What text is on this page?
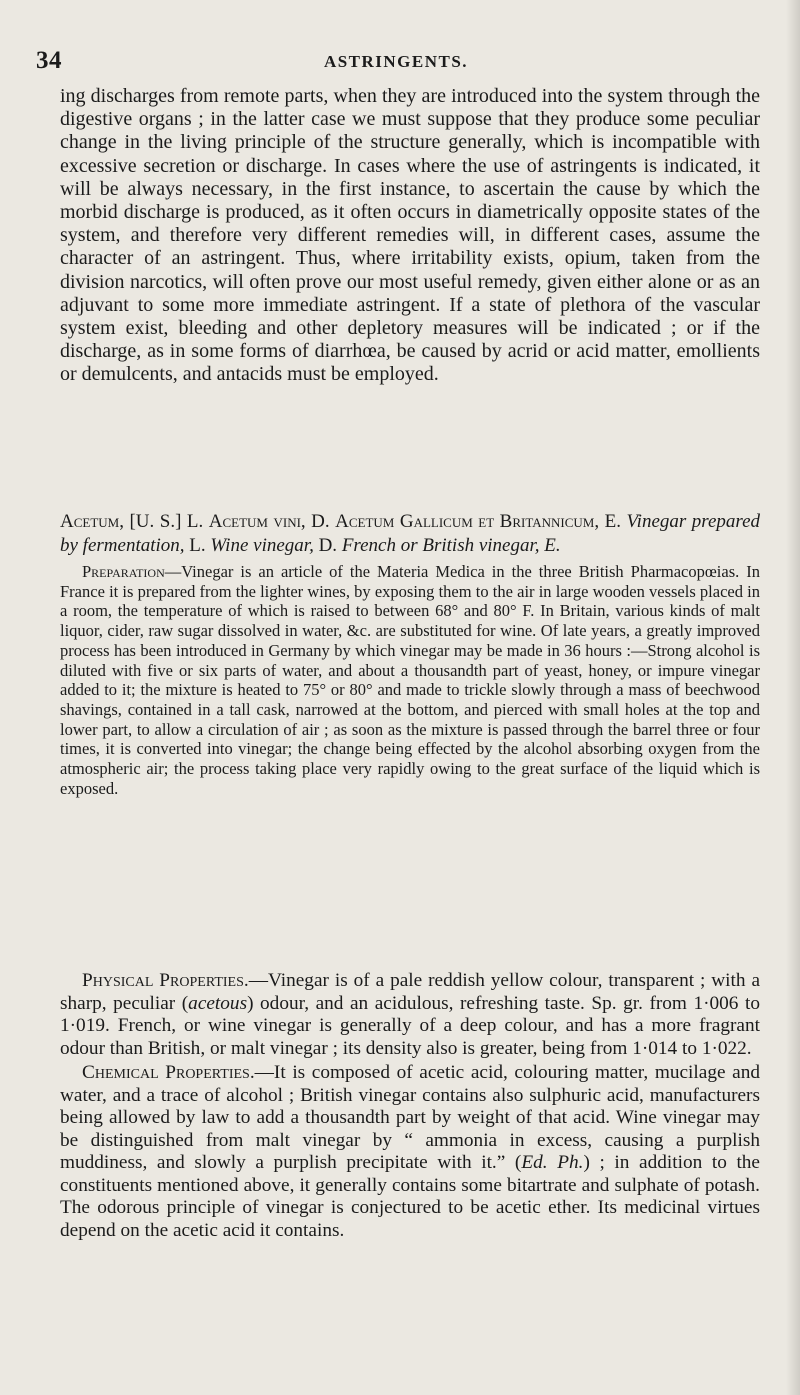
34	ASTRINGENTS.

ing discharges from remote parts, when they are introduced into the system through the digestive organs ; in the latter case we must suppose that they produce some peculiar change in the living principle of the structure generally, which is incompatible with excessive secretion or discharge. In cases where the use of astringents is indicated, it will be always necessary, in the first instance, to ascertain the cause by which the morbid discharge is produced, as it often occurs in diametrically opposite states of the system, and therefore very different remedies will, in different cases, assume the character of an astringent. Thus, where irritability exists, opium, taken from the division narcotics, will often prove our most useful remedy, given either alone or as an adjuvant to some more immediate astringent. If a state of plethora of the vascular system exist, bleeding and other depletory measures will be indicated ; or if the discharge, as in some forms of diarrhœa, be caused by acrid or acid matter, emollients or demulcents, and antacids must be employed.

Acetum, [U. S.] L. Acetum vini, D. Acetum Gallicum et Britannicum, E. Vinegar prepared by fermentation, L. Wine vinegar, D. French or British vinegar, E.

Preparation—Vinegar is an article of the Materia Medica in the three British Pharmacopœias. In France it is prepared from the lighter wines, by exposing them to the air in large wooden vessels placed in a room, the temperature of which is raised to between 68° and 80° F. In Britain, various kinds of malt liquor, cider, raw sugar dissolved in water, &c. are substituted for wine. Of late years, a greatly improved process has been introduced in Germany by which vinegar may be made in 36 hours :—Strong alcohol is diluted with five or six parts of water, and about a thousandth part of yeast, honey, or impure vinegar added to it; the mixture is heated to 75° or 80° and made to trickle slowly through a mass of beechwood shavings, contained in a tall cask, narrowed at the bottom, and pierced with small holes at the top and lower part, to allow a circulation of air ; as soon as the mixture is passed through the barrel three or four times, it is converted into vinegar; the change being effected by the alcohol absorbing oxygen from the atmospheric air; the process taking place very rapidly owing to the great surface of the liquid which is exposed.

Physical Properties.—Vinegar is of a pale reddish yellow colour, transparent ; with a sharp, peculiar (acetous) odour, and an acidulous, refreshing taste. Sp. gr. from 1·006 to 1·019. French, or wine vinegar is generally of a deep colour, and has a more fragrant odour than British, or malt vinegar ; its density also is greater, being from 1·014 to 1·022.

Chemical Properties.—It is composed of acetic acid, colouring matter, mucilage and water, and a trace of alcohol ; British vinegar contains also sulphuric acid, manufacturers being allowed by law to add a thousandth part by weight of that acid. Wine vinegar may be distinguished from malt vinegar by “ ammonia in excess, causing a purplish muddiness, and slowly a purplish precipitate with it.” (Ed. Ph.) ; in addition to the constituents mentioned above, it generally contains some bitartrate and sulphate of potash. The odorous principle of vinegar is conjectured to be acetic ether. Its medicinal virtues depend on the acetic acid it contains.
